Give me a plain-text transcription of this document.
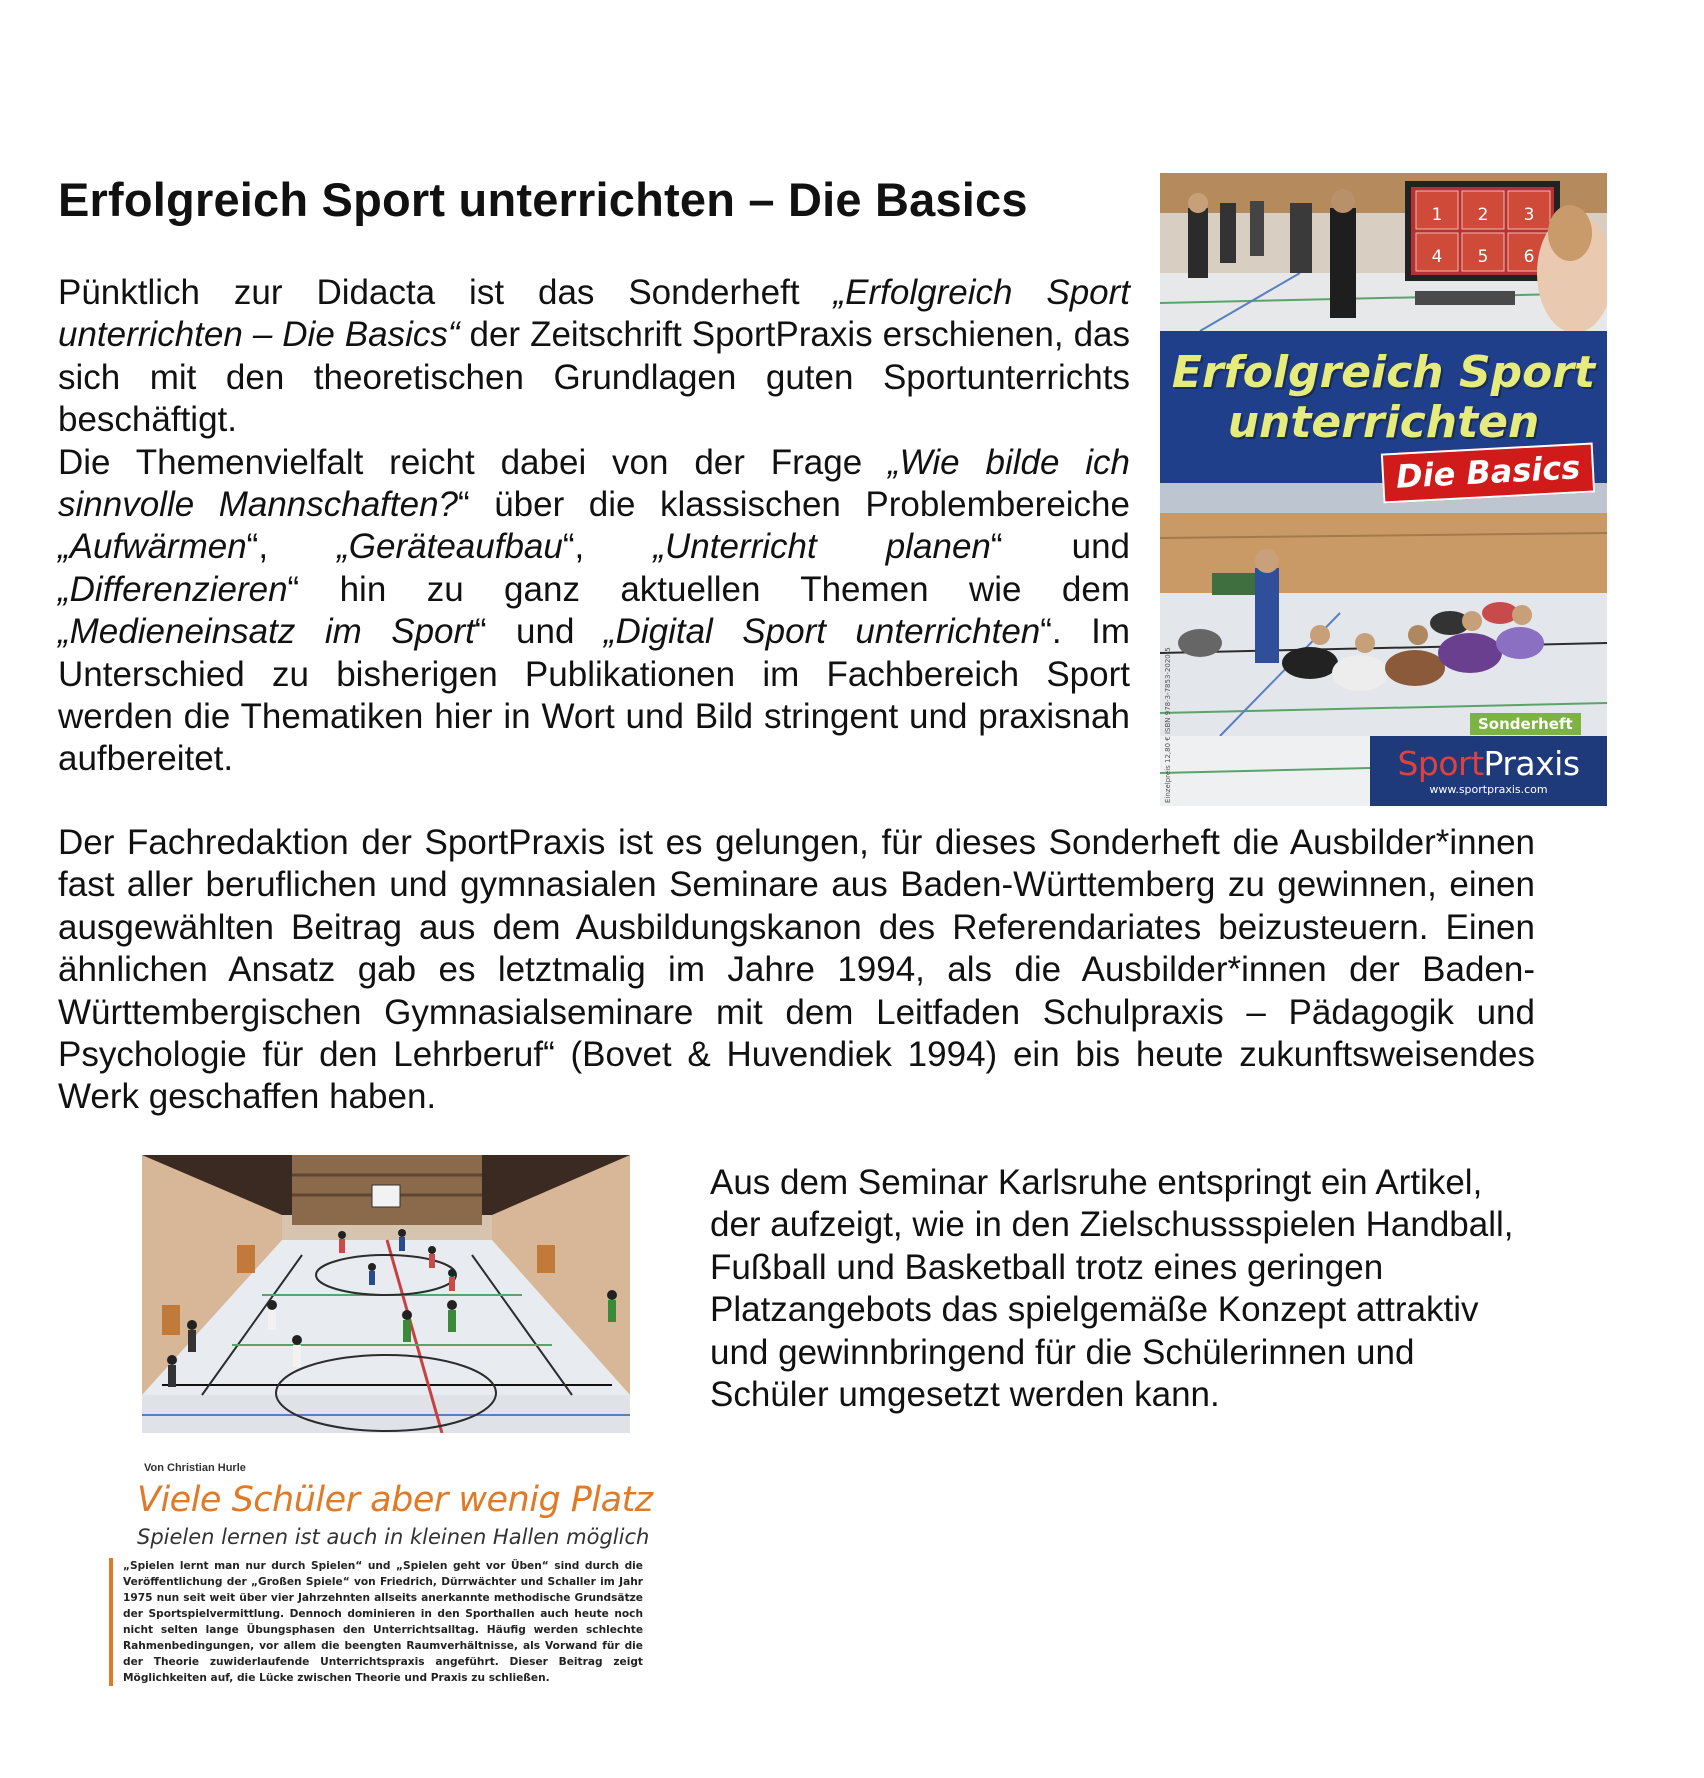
Erfolgreich Sport unterrichten – Die Basics

Pünktlich zur Didacta ist das Sonderheft „Erfolgreich Sport unterrichten – Die Basics“ der Zeitschrift SportPraxis erschienen, das sich mit den theoretischen Grundlagen guten Sportunterrichts beschäftigt.

Die Themenvielfalt reicht dabei von der Frage „Wie bilde ich sinnvolle Mannschaften?“ über die klassischen Problembereiche „Aufwärmen“, „Geräteaufbau“, „Unterricht planen“ und „Differenzieren“ hin zu ganz aktuellen Themen wie dem „Medieneinsatz im Sport“ und „Digital Sport unterrichten“. Im Unterschied zu bisherigen Publikationen im Fachbereich Sport werden die Thematiken hier in Wort und Bild stringent und praxisnah aufbereitet.

1 2 3
4 5 6
Erfolgreich Sport
unterrichten
Die Basics
Sonderheft
SportPraxis
www.sportpraxis.com
Einzelpreis 12,80 € ISBN 978-3-7853-2020-5
Der Fachredaktion der SportPraxis ist es gelungen, für dieses Sonderheft die Ausbilder*innen fast aller beruflichen und gymnasialen Seminare aus Baden-Württemberg zu gewinnen, einen ausgewählten Beitrag aus dem Ausbildungskanon des Referendariates beizusteuern. Einen ähnlichen Ansatz gab es letztmalig im Jahre 1994, als die Ausbilder*innen der Baden-Württembergischen Gymnasialseminare mit dem Leitfaden Schulpraxis – Pädagogik und Psychologie für den Lehrberuf“ (Bovet & Huvendiek 1994) ein bis heute zukunftsweisendes Werk geschaffen haben.
Von Christian Hurle
Viele Schüler aber wenig Platz
Spielen lernen ist auch in kleinen Hallen möglich
„Spielen lernt man nur durch Spielen“ und „Spielen geht vor Üben“ sind durch die Veröffentlichung der „Großen Spiele“ von Friedrich, Dürrwächter und Schaller im Jahr 1975 nun seit weit über vier Jahrzehnten allseits anerkannte methodische Grundsätze der Sportspielvermittlung. Dennoch dominieren in den Sporthallen auch heute noch nicht selten lange Übungsphasen den Unterrichtsalltag. Häufig werden schlechte Rahmenbedingungen, vor allem die beengten Raumverhältnisse, als Vorwand für die der Theorie zuwiderlaufende Unterrichtspraxis angeführt. Dieser Beitrag zeigt Möglichkeiten auf, die Lücke zwischen Theorie und Praxis zu schließen.
Aus dem Seminar Karlsruhe entspringt ein Artikel, der aufzeigt, wie in den Zielschussspielen Handball, Fußball und Basketball trotz eines geringen Platzangebots das spielgemäße Konzept attraktiv und gewinnbringend für die Schülerinnen und Schüler umgesetzt werden kann.
